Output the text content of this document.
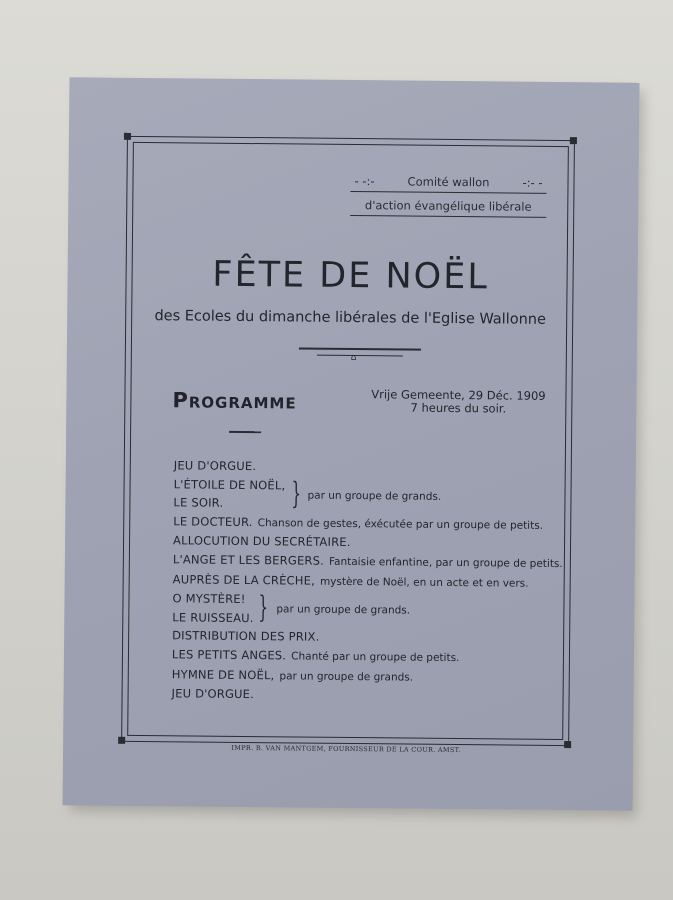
- -:-	Comité wallon	-:- -
d'action évangélique libérale
FÊTE DE NOËL
des Ecoles du dimanche libérales de l'Eglise Wallonne
⌂
Programme	Vrije Gemeente, 29 Déc. 1909
7 heures du soir.
JEU D'ORGUE.
L'ÉTOILE DE NOËL,
LE SOIR.	} par un groupe de grands.
LE DOCTEUR. Chanson de gestes, éxécutée par un groupe de petits.
ALLOCUTION DU SECRÉTAIRE.
L'ANGE ET LES BERGERS. Fantaisie enfantine, par un groupe de petits.
AUPRÈS DE LA CRÈCHE, mystère de Noël, en un acte et en vers.
O MYSTÈRE!
LE RUISSEAU. } par un groupe de grands.
DISTRIBUTION DES PRIX.
LES PETITS ANGES. Chanté par un groupe de petits.
HYMNE DE NOËL, par un groupe de grands.
JEU D'ORGUE.
IMPR. B. VAN MANTGEM, FOURNISSEUR DE LA COUR. AMST.
